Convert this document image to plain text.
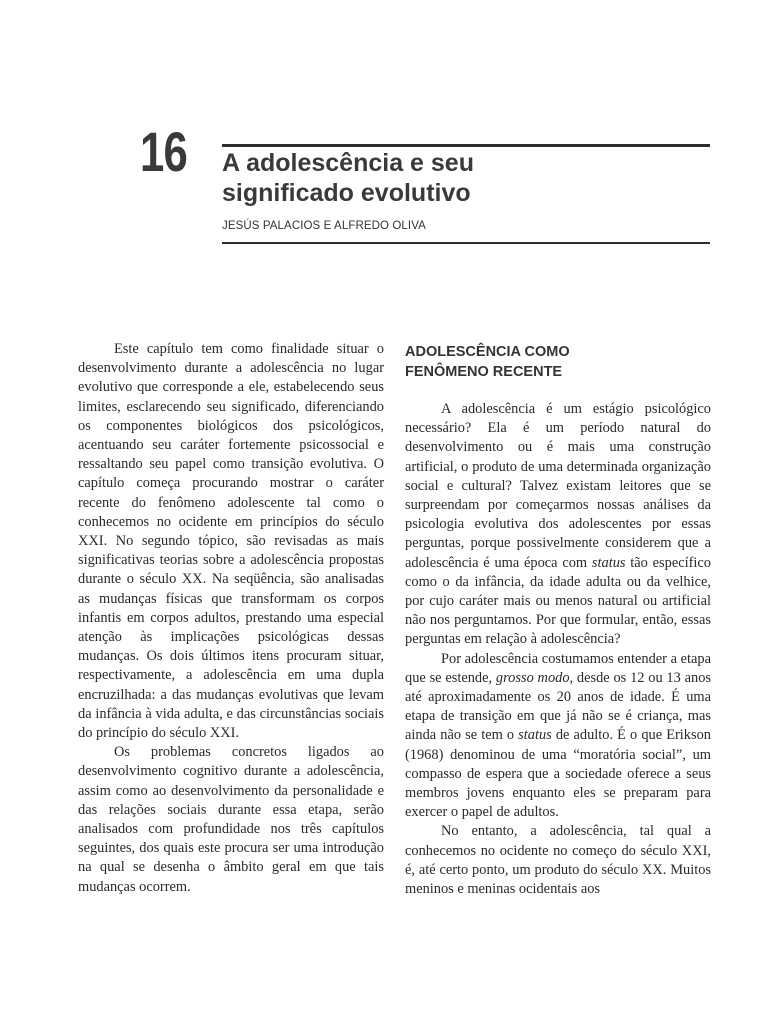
16 A adolescência e seu
significado evolutivo
JESÚS PALACIOS E ALFREDO OLIVA

Este capítulo tem como finalidade situar o desenvolvimento durante a adolescência no lugar evolutivo que corresponde a ele, estabelecendo seus limites, esclarecendo seu significado, diferenciando os componentes biológicos dos psicológicos, acentuando seu caráter fortemente psicossocial e ressaltando seu papel como transição evolutiva. O capítulo começa procurando mostrar o caráter recente do fenômeno adolescente tal como o conhecemos no ocidente em princípios do século XXI. No segundo tópico, são revisadas as mais significativas teorias sobre a adolescência propostas durante o século XX. Na seqüência, são analisadas as mudanças físicas que transformam os corpos infantis em corpos adultos, prestando uma especial atenção às implicações psicológicas dessas mudanças. Os dois últimos itens procuram situar, respectivamente, a adolescência em uma dupla encruzilhada: a das mudanças evolutivas que levam da infância à vida adulta, e das circunstâncias sociais do princípio do século XXI.

Os problemas concretos ligados ao desenvolvimento cognitivo durante a adolescência, assim como ao desenvolvimento da personalidade e das relações sociais durante essa etapa, serão analisados com profundidade nos três capítulos seguintes, dos quais este procura ser uma introdução na qual se desenha o âmbito geral em que tais mudanças ocorrem.

ADOLESCÊNCIA COMO
FENÔMENO RECENTE

A adolescência é um estágio psicológico necessário? Ela é um período natural do desenvolvimento ou é mais uma construção artificial, o produto de uma determinada organização social e cultural? Talvez existam leitores que se surpreendam por começarmos nossas análises da psicologia evolutiva dos adolescentes por essas perguntas, porque possivelmente considerem que a adolescência é uma época com status tão específico como o da infância, da idade adulta ou da velhice, por cujo caráter mais ou menos natural ou artificial não nos perguntamos. Por que formular, então, essas perguntas em relação à adolescência?

Por adolescência costumamos entender a etapa que se estende, grosso modo, desde os 12 ou 13 anos até aproximadamente os 20 anos de idade. É uma etapa de transição em que já não se é criança, mas ainda não se tem o status de adulto. É o que Erikson (1968) denominou de uma “moratória social”, um compasso de espera que a sociedade oferece a seus membros jovens enquanto eles se preparam para exercer o papel de adultos.

No entanto, a adolescência, tal qual a conhecemos no ocidente no começo do século XXI, é, até certo ponto, um produto do século XX. Muitos meninos e meninas ocidentais aos
